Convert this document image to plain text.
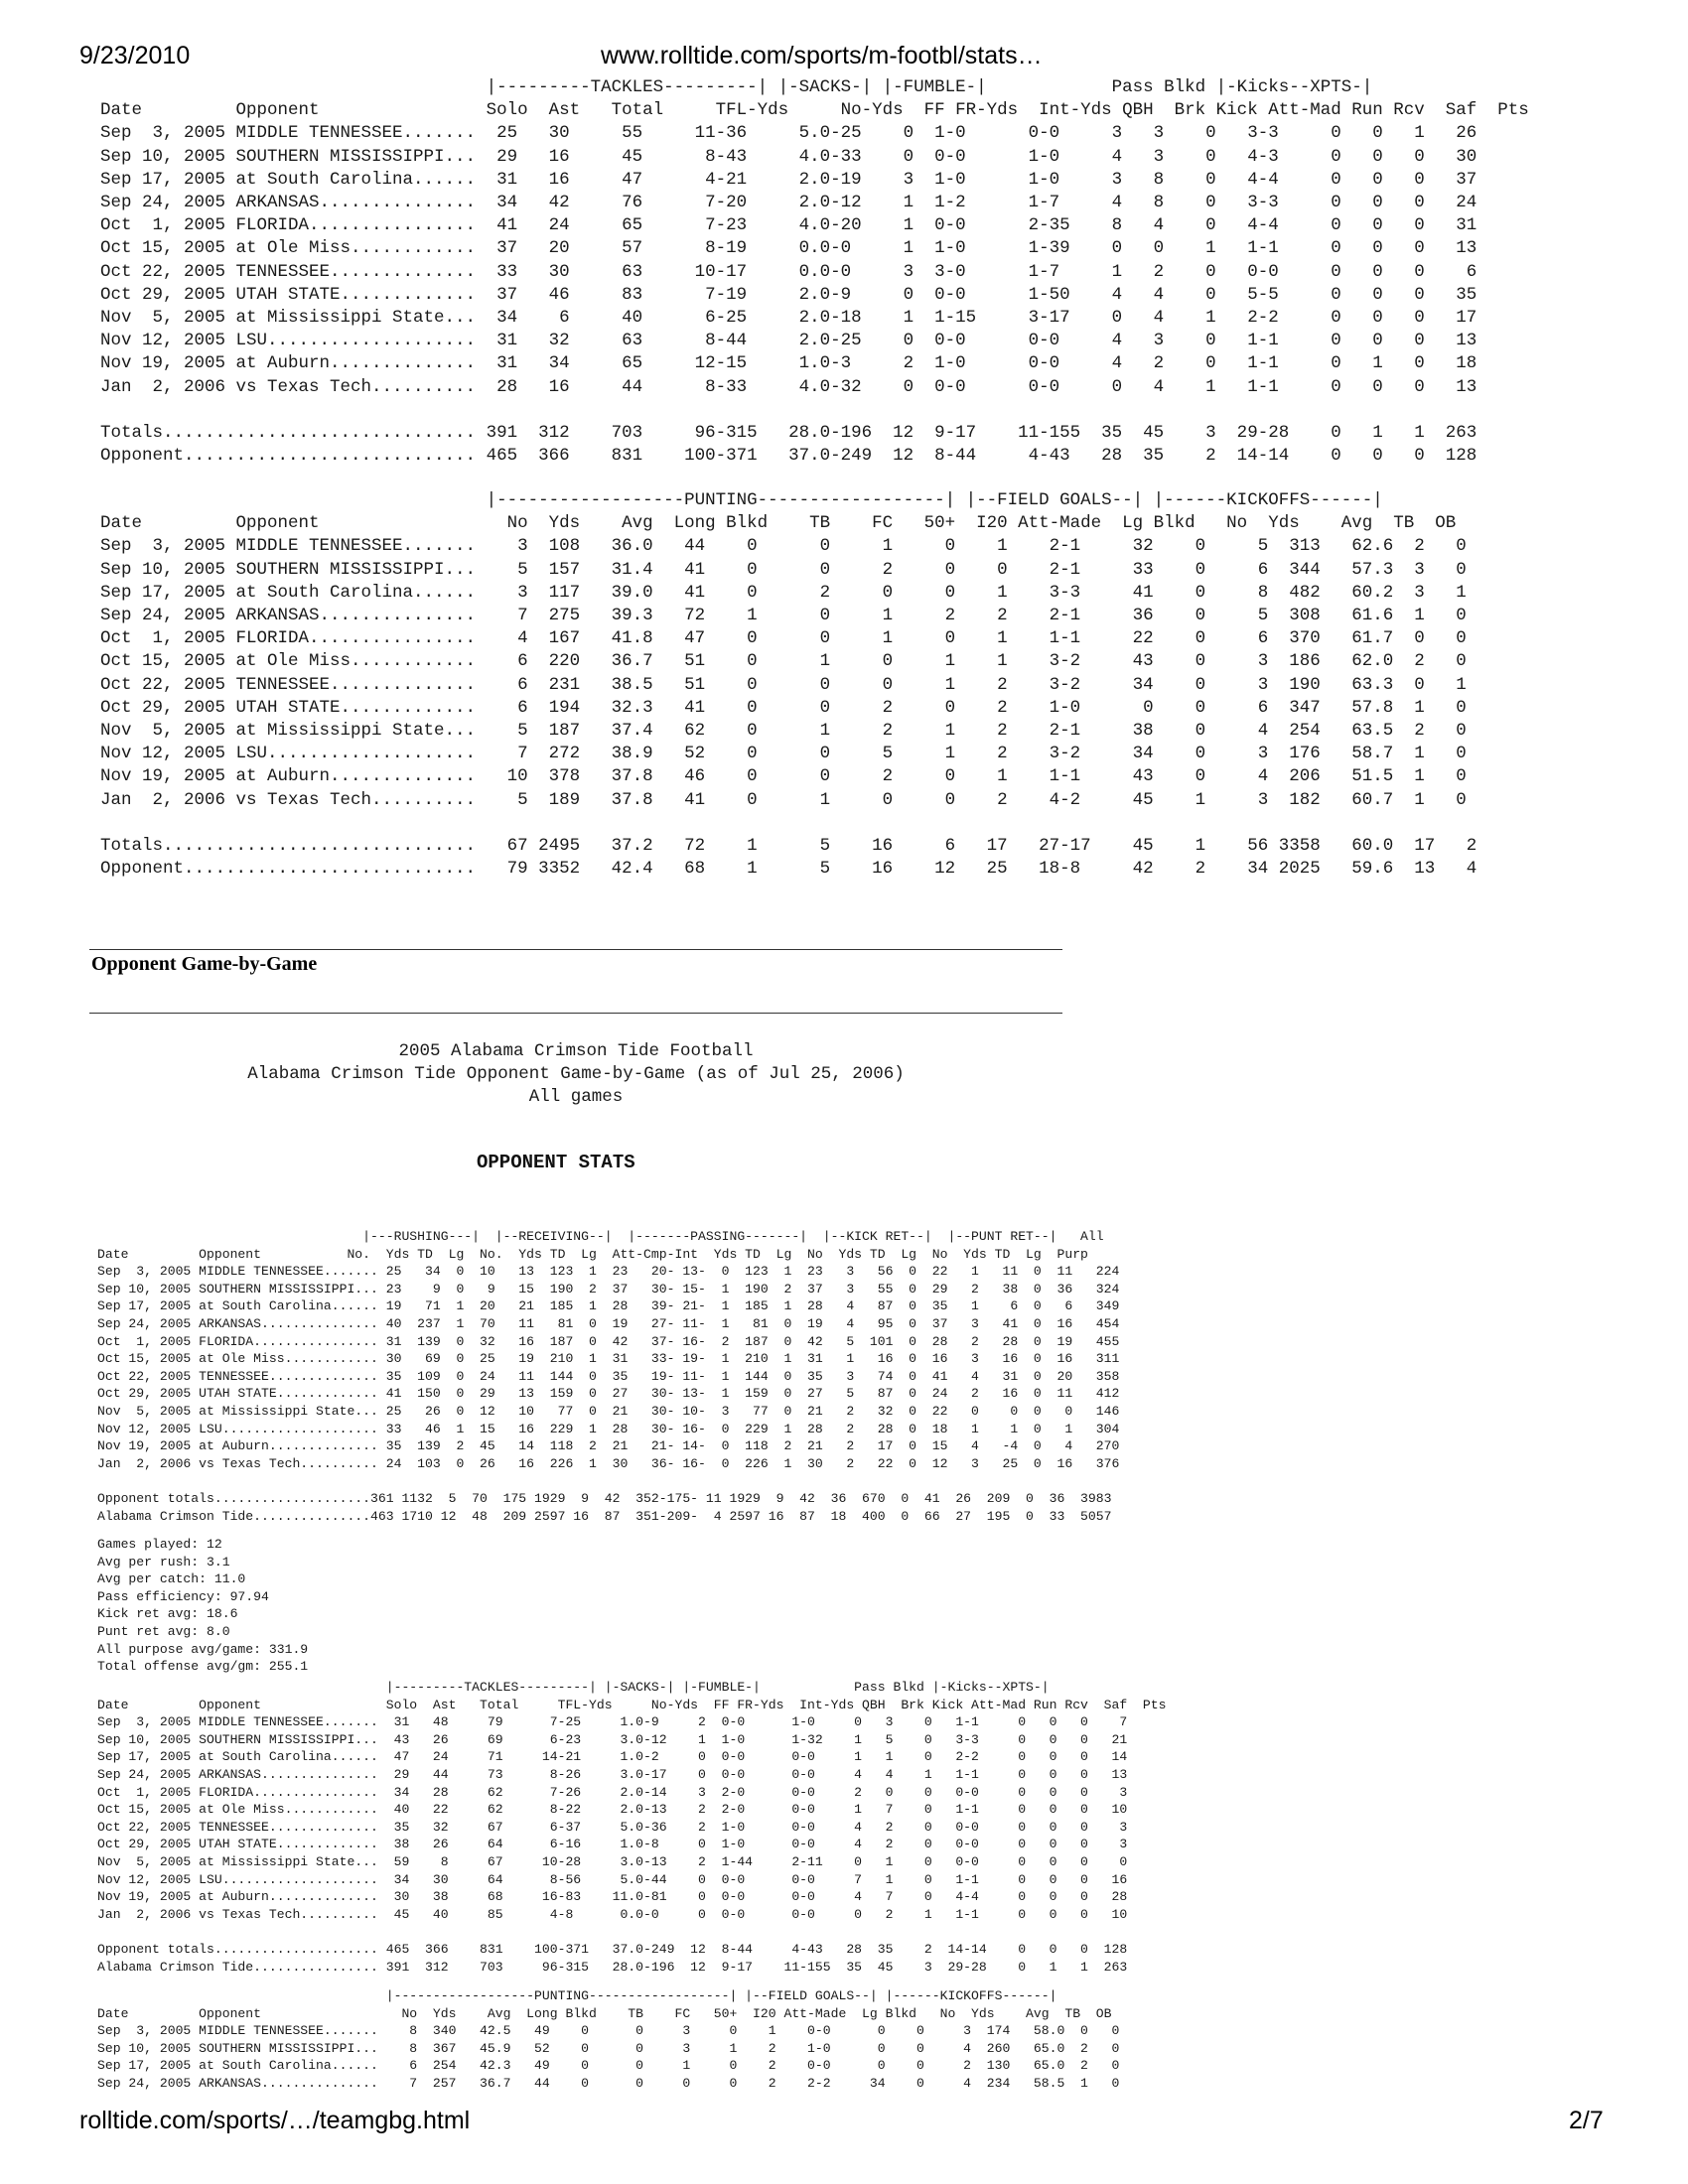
9/23/2010	www.rolltide.com/sports/m-footbl/stats…
|---------TACKLES---------| |-SACKS-| |-FUMBLE-|            Pass Blkd |-Kicks--XPTS-|
Date         Opponent                Solo  Ast   Total     TFL-Yds     No-Yds  FF FR-Yds  Int-Yds QBH  Brk Kick Att-Mad Run Rcv  Saf  Pts
Sep  3, 2005 MIDDLE TENNESSEE.......  25   30     55     11-36     5.0-25    0  1-0      0-0     3   3    0   3-3     0   0   1   26
Sep 10, 2005 SOUTHERN MISSISSIPPI...  29   16     45      8-43     4.0-33    0  0-0      1-0     4   3    0   4-3     0   0   0   30
Sep 17, 2005 at South Carolina......  31   16     47      4-21     2.0-19    3  1-0      1-0     3   8    0   4-4     0   0   0   37
Sep 24, 2005 ARKANSAS...............  34   42     76      7-20     2.0-12    1  1-2      1-7     4   8    0   3-3     0   0   0   24
Oct  1, 2005 FLORIDA................  41   24     65      7-23     4.0-20    1  0-0      2-35    8   4    0   4-4     0   0   0   31
Oct 15, 2005 at Ole Miss............  37   20     57      8-19     0.0-0     1  1-0      1-39    0   0    1   1-1     0   0   0   13
Oct 22, 2005 TENNESSEE..............  33   30     63     10-17     0.0-0     3  3-0      1-7     1   2    0   0-0     0   0   0    6
Oct 29, 2005 UTAH STATE.............  37   46     83      7-19     2.0-9     0  0-0      1-50    4   4    0   5-5     0   0   0   35
Nov  5, 2005 at Mississippi State...  34    6     40      6-25     2.0-18    1  1-15     3-17    0   4    1   2-2     0   0   0   17
Nov 12, 2005 LSU....................  31   32     63      8-44     2.0-25    0  0-0      0-0     4   3    0   1-1     0   0   0   13
Nov 19, 2005 at Auburn..............  31   34     65     12-15     1.0-3     2  1-0      0-0     4   2    0   1-1     0   1   0   18
Jan  2, 2006 vs Texas Tech..........  28   16     44      8-33     4.0-32    0  0-0      0-0     0   4    1   1-1     0   0   0   13

Totals.............................. 391  312    703     96-315   28.0-196  12  9-17    11-155  35  45    3  29-28    0   1   1  263
Opponent............................ 465  366    831    100-371   37.0-249  12  8-44     4-43   28  35    2  14-14    0   0   0  128
|------------------PUNTING------------------| |--FIELD GOALS--| |------KICKOFFS------|
Date         Opponent                  No  Yds    Avg  Long Blkd    TB    FC   50+  I20 Att-Made  Lg Blkd   No  Yds    Avg  TB  OB
Sep  3, 2005 MIDDLE TENNESSEE.......    3  108   36.0   44    0      0     1     0    1    2-1     32    0     5  313   62.6  2   0
Sep 10, 2005 SOUTHERN MISSISSIPPI...    5  157   31.4   41    0      0     2     0    0    2-1     33    0     6  344   57.3  3   0
Sep 17, 2005 at South Carolina......    3  117   39.0   41    0      2     0     0    1    3-3     41    0     8  482   60.2  3   1
Sep 24, 2005 ARKANSAS...............    7  275   39.3   72    1      0     1     2    2    2-1     36    0     5  308   61.6  1   0
Oct  1, 2005 FLORIDA................    4  167   41.8   47    0      0     1     0    1    1-1     22    0     6  370   61.7  0   0
Oct 15, 2005 at Ole Miss............    6  220   36.7   51    0      1     0     1    1    3-2     43    0     3  186   62.0  2   0
Oct 22, 2005 TENNESSEE..............    6  231   38.5   51    0      0     0     1    2    3-2     34    0     3  190   63.3  0   1
Oct 29, 2005 UTAH STATE.............    6  194   32.3   41    0      0     2     0    2    1-0      0    0     6  347   57.8  1   0
Nov  5, 2005 at Mississippi State...    5  187   37.4   62    0      1     2     1    2    2-1     38    0     4  254   63.5  2   0
Nov 12, 2005 LSU....................    7  272   38.9   52    0      0     5     1    2    3-2     34    0     3  176   58.7  1   0
Nov 19, 2005 at Auburn..............   10  378   37.8   46    0      0     2     0    1    1-1     43    0     4  206   51.5  1   0
Jan  2, 2006 vs Texas Tech..........    5  189   37.8   41    0      1     0     0    2    4-2     45    1     3  182   60.7  1   0

Totals..............................   67 2495   37.2   72    1      5    16     6   17   27-17    45    1    56 3358   60.0  17   2
Opponent............................   79 3352   42.4   68    1      5    16    12   25   18-8     42    2    34 2025   59.6  13   4
Opponent Game-by-Game
2005 Alabama Crimson Tide Football
Alabama Crimson Tide Opponent Game-by-Game (as of Jul 25, 2006)
All games
OPPONENT STATS
|---RUSHING---|  |--RECEIVING--|  |-------PASSING-------|  |--KICK RET--|  |--PUNT RET--|   All
Date         Opponent           No.  Yds TD  Lg  No.  Yds TD  Lg  Att-Cmp-Int  Yds TD  Lg  No  Yds TD  Lg  No  Yds TD  Lg  Purp
Sep  3, 2005 MIDDLE TENNESSEE....... 25   34  0  10   13  123  1  23   20- 13-  0  123  1  23   3   56  0  22   1   11  0  11   224
Sep 10, 2005 SOUTHERN MISSISSIPPI... 23    9  0   9   15  190  2  37   30- 15-  1  190  2  37   3   55  0  29   2   38  0  36   324
Sep 17, 2005 at South Carolina...... 19   71  1  20   21  185  1  28   39- 21-  1  185  1  28   4   87  0  35   1    6  0   6   349
Sep 24, 2005 ARKANSAS............... 40  237  1  70   11   81  0  19   27- 11-  1   81  0  19   4   95  0  37   3   41  0  16   454
Oct  1, 2005 FLORIDA................ 31  139  0  32   16  187  0  42   37- 16-  2  187  0  42   5  101  0  28   2   28  0  19   455
Oct 15, 2005 at Ole Miss............ 30   69  0  25   19  210  1  31   33- 19-  1  210  1  31   1   16  0  16   3   16  0  16   311
Oct 22, 2005 TENNESSEE.............. 35  109  0  24   11  144  0  35   19- 11-  1  144  0  35   3   74  0  41   4   31  0  20   358
Oct 29, 2005 UTAH STATE............. 41  150  0  29   13  159  0  27   30- 13-  1  159  0  27   5   87  0  24   2   16  0  11   412
Nov  5, 2005 at Mississippi State... 25   26  0  12   10   77  0  21   30- 10-  3   77  0  21   2   32  0  22   0    0  0   0   146
Nov 12, 2005 LSU.................... 33   46  1  15   16  229  1  28   30- 16-  0  229  1  28   2   28  0  18   1    1  0   1   304
Nov 19, 2005 at Auburn.............. 35  139  2  45   14  118  2  21   21- 14-  0  118  2  21   2   17  0  15   4   -4  0   4   270
Jan  2, 2006 vs Texas Tech.......... 24  103  0  26   16  226  1  30   36- 16-  0  226  1  30   2   22  0  12   3   25  0  16   376

Opponent totals....................361 1132  5  70  175 1929  9  42  352-175- 11 1929  9  42  36  670  0  41  26  209  0  36  3983
Alabama Crimson Tide...............463 1710 12  48  209 2597 16  87  351-209-  4 2597 16  87  18  400  0  66  27  195  0  33  5057
Games played: 12
Avg per rush: 3.1
Avg per catch: 11.0
Pass efficiency: 97.94
Kick ret avg: 18.6
Punt ret avg: 8.0
All purpose avg/game: 331.9
Total offense avg/gm: 255.1
|---------TACKLES---------| |-SACKS-| |-FUMBLE-|            Pass Blkd |-Kicks--XPTS-|
Date         Opponent                Solo  Ast   Total     TFL-Yds     No-Yds  FF FR-Yds  Int-Yds QBH  Brk Kick Att-Mad Run Rcv  Saf  Pts
Sep  3, 2005 MIDDLE TENNESSEE.......  31   48     79      7-25     1.0-9     2  0-0      1-0     0   3    0   1-1     0   0   0    7
Sep 10, 2005 SOUTHERN MISSISSIPPI...  43   26     69      6-23     3.0-12    1  1-0      1-32    1   5    0   3-3     0   0   0   21
Sep 17, 2005 at South Carolina......  47   24     71     14-21     1.0-2     0  0-0      0-0     1   1    0   2-2     0   0   0   14
Sep 24, 2005 ARKANSAS...............  29   44     73      8-26     3.0-17    0  0-0      0-0     4   4    1   1-1     0   0   0   13
Oct  1, 2005 FLORIDA................  34   28     62      7-26     2.0-14    3  2-0      0-0     2   0    0   0-0     0   0   0    3
Oct 15, 2005 at Ole Miss............  40   22     62      8-22     2.0-13    2  2-0      0-0     1   7    0   1-1     0   0   0   10
Oct 22, 2005 TENNESSEE..............  35   32     67      6-37     5.0-36    2  1-0      0-0     4   2    0   0-0     0   0   0    3
Oct 29, 2005 UTAH STATE.............  38   26     64      6-16     1.0-8     0  1-0      0-0     4   2    0   0-0     0   0   0    3
Nov  5, 2005 at Mississippi State...  59    8     67     10-28     3.0-13    2  1-44     2-11    0   1    0   0-0     0   0   0    0
Nov 12, 2005 LSU....................  34   30     64      8-56     5.0-44    0  0-0      0-0     7   1    0   1-1     0   0   0   16
Nov 19, 2005 at Auburn..............  30   38     68     16-83    11.0-81    0  0-0      0-0     4   7    0   4-4     0   0   0   28
Jan  2, 2006 vs Texas Tech..........  45   40     85      4-8      0.0-0     0  0-0      0-0     0   2    1   1-1     0   0   0   10

Opponent totals..................... 465  366    831    100-371   37.0-249  12  8-44     4-43   28  35    2  14-14    0   0   0  128
Alabama Crimson Tide................ 391  312    703     96-315   28.0-196  12  9-17    11-155  35  45    3  29-28    0   1   1  263
|------------------PUNTING------------------| |--FIELD GOALS--| |------KICKOFFS------|
Date         Opponent                  No  Yds    Avg  Long Blkd    TB    FC   50+  I20 Att-Made  Lg Blkd   No  Yds    Avg  TB  OB
Sep  3, 2005 MIDDLE TENNESSEE.......    8  340   42.5   49    0      0     3     0    1    0-0      0    0     3  174   58.0  0   0
Sep 10, 2005 SOUTHERN MISSISSIPPI...    8  367   45.9   52    0      0     3     1    2    1-0      0    0     4  260   65.0  2   0
Sep 17, 2005 at South Carolina......    6  254   42.3   49    0      0     1     0    2    0-0      0    0     2  130   65.0  2   0
Sep 24, 2005 ARKANSAS...............    7  257   36.7   44    0      0     0     0    2    2-2     34    0     4  234   58.5  1   0
rolltide.com/sports/…/teamgbg.html	2/7
